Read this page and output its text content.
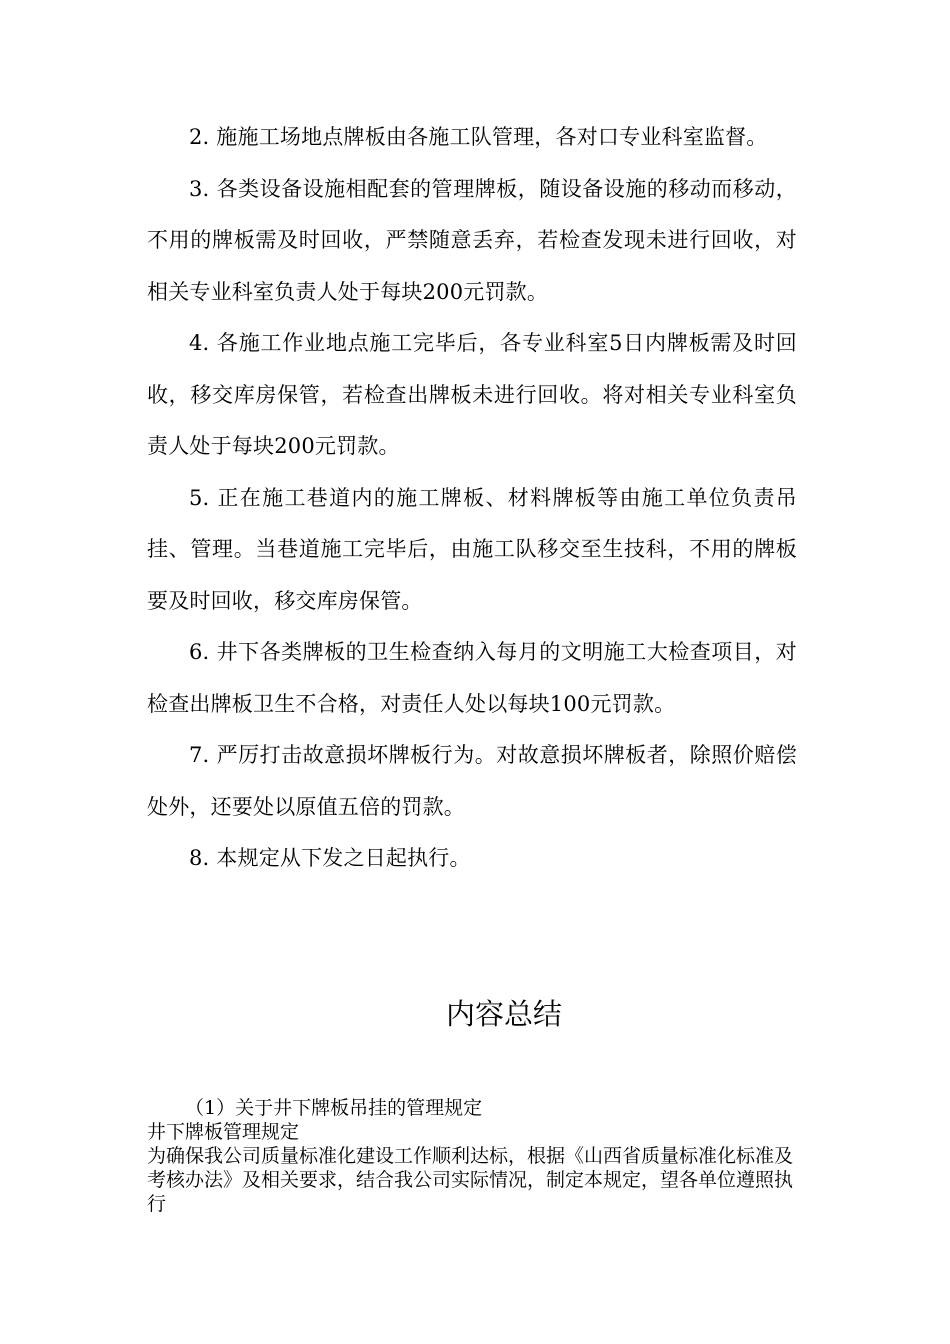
2. 施施工场地点牌板由各施工队管理，各对口专业科室监督。

3. 各类设备设施相配套的管理牌板，随设备设施的移动而移动，不用的牌板需及时回收，严禁随意丢弃，若检查发现未进行回收，对相关专业科室负责人处于每块200元罚款。

4. 各施工作业地点施工完毕后，各专业科室5日内牌板需及时回收，移交库房保管，若检查出牌板未进行回收。将对相关专业科室负责人处于每块200元罚款。

5. 正在施工巷道内的施工牌板、材料牌板等由施工单位负责吊挂、管理。当巷道施工完毕后，由施工队移交至生技科，不用的牌板要及时回收，移交库房保管。

6. 井下各类牌板的卫生检查纳入每月的文明施工大检查项目，对检查出牌板卫生不合格，对责任人处以每块100元罚款。

7. 严厉打击故意损坏牌板行为。对故意损坏牌板者，除照价赔偿处外，还要处以原值五倍的罚款。

8. 本规定从下发之日起执行。

内容总结

（1）关于井下牌板吊挂的管理规定

井下牌板管理规定

为确保我公司质量标准化建设工作顺利达标，根据《山西省质量标准化标准及考核办法》及相关要求，结合我公司实际情况，制定本规定，望各单位遵照执行
